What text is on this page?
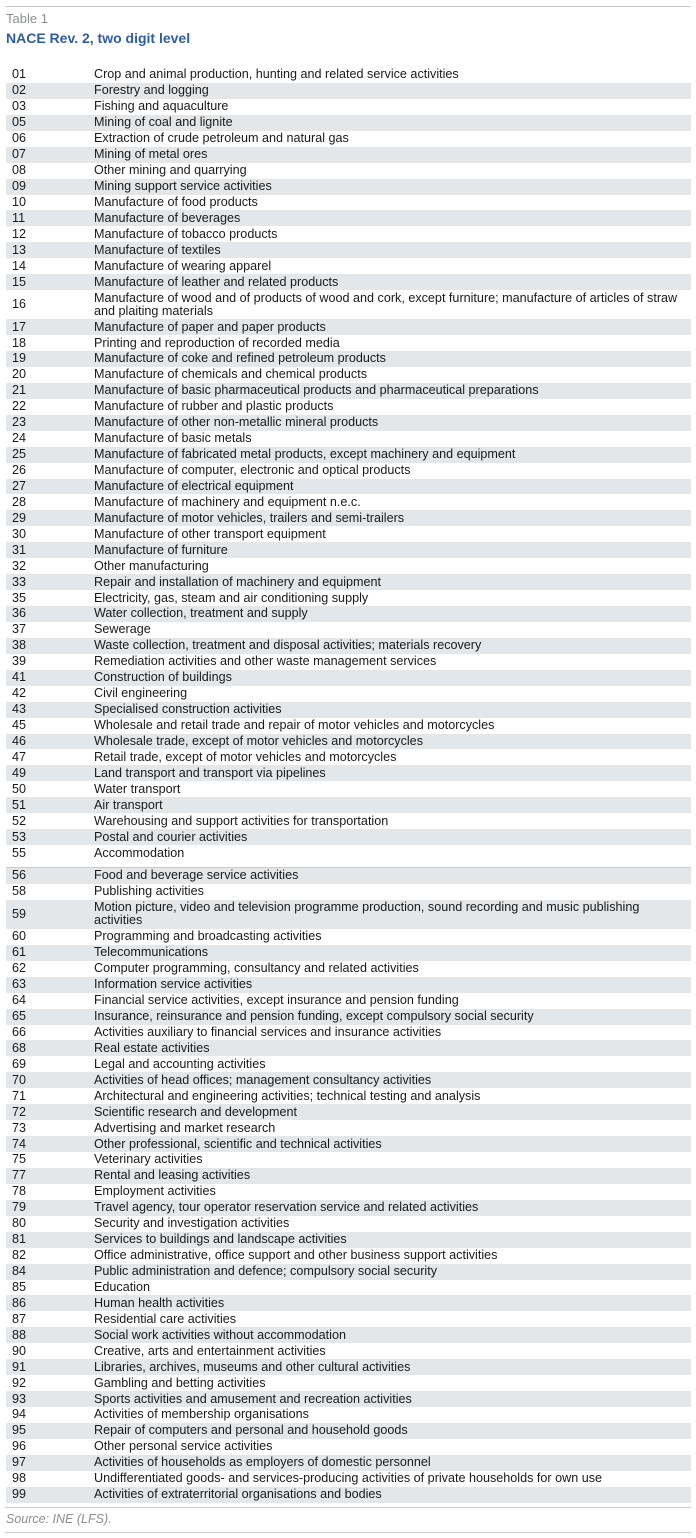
Table 1
NACE Rev. 2, two digit level
01	Crop and animal production, hunting and related service activities
02	Forestry and logging
03	Fishing and aquaculture
05	Mining of coal and lignite
06	Extraction of crude petroleum and natural gas
07	Mining of metal ores
08	Other mining and quarrying
09	Mining support service activities
10	Manufacture of food products
11	Manufacture of beverages
12	Manufacture of tobacco products
13	Manufacture of textiles
14	Manufacture of wearing apparel
15	Manufacture of leather and related products
16	Manufacture of wood and of products of wood and cork, except furniture; manufacture of articles of straw and plaiting materials
17	Manufacture of paper and paper products
18	Printing and reproduction of recorded media
19	Manufacture of coke and refined petroleum products
20	Manufacture of chemicals and chemical products
21	Manufacture of basic pharmaceutical products and pharmaceutical preparations
22	Manufacture of rubber and plastic products
23	Manufacture of other non-metallic mineral products
24	Manufacture of basic metals
25	Manufacture of fabricated metal products, except machinery and equipment
26	Manufacture of computer, electronic and optical products
27	Manufacture of electrical equipment
28	Manufacture of machinery and equipment n.e.c.
29	Manufacture of motor vehicles, trailers and semi-trailers
30	Manufacture of other transport equipment
31	Manufacture of furniture
32	Other manufacturing
33	Repair and installation of machinery and equipment
35	Electricity, gas, steam and air conditioning supply
36	Water collection, treatment and supply
37	Sewerage
38	Waste collection, treatment and disposal activities; materials recovery
39	Remediation activities and other waste management services
41	Construction of buildings
42	Civil engineering
43	Specialised construction activities
45	Wholesale and retail trade and repair of motor vehicles and motorcycles
46	Wholesale trade, except of motor vehicles and motorcycles
47	Retail trade, except of motor vehicles and motorcycles
49	Land transport and transport via pipelines
50	Water transport
51	Air transport
52	Warehousing and support activities for transportation
53	Postal and courier activities
55	Accommodation
56	Food and beverage service activities
58	Publishing activities
59	Motion picture, video and television programme production, sound recording and music publishing activities
60	Programming and broadcasting activities
61	Telecommunications
62	Computer programming, consultancy and related activities
63	Information service activities
64	Financial service activities, except insurance and pension funding
65	Insurance, reinsurance and pension funding, except compulsory social security
66	Activities auxiliary to financial services and insurance activities
68	Real estate activities
69	Legal and accounting activities
70	Activities of head offices; management consultancy activities
71	Architectural and engineering activities; technical testing and analysis
72	Scientific research and development
73	Advertising and market research
74	Other professional, scientific and technical activities
75	Veterinary activities
77	Rental and leasing activities
78	Employment activities
79	Travel agency, tour operator reservation service and related activities
80	Security and investigation activities
81	Services to buildings and landscape activities
82	Office administrative, office support and other business support activities
84	Public administration and defence; compulsory social security
85	Education
86	Human health activities
87	Residential care activities
88	Social work activities without accommodation
90	Creative, arts and entertainment activities
91	Libraries, archives, museums and other cultural activities
92	Gambling and betting activities
93	Sports activities and amusement and recreation activities
94	Activities of membership organisations
95	Repair of computers and personal and household goods
96	Other personal service activities
97	Activities of households as employers of domestic personnel
98	Undifferentiated goods- and services-producing activities of private households for own use
99	Activities of extraterritorial organisations and bodies
Source: INE (LFS).
